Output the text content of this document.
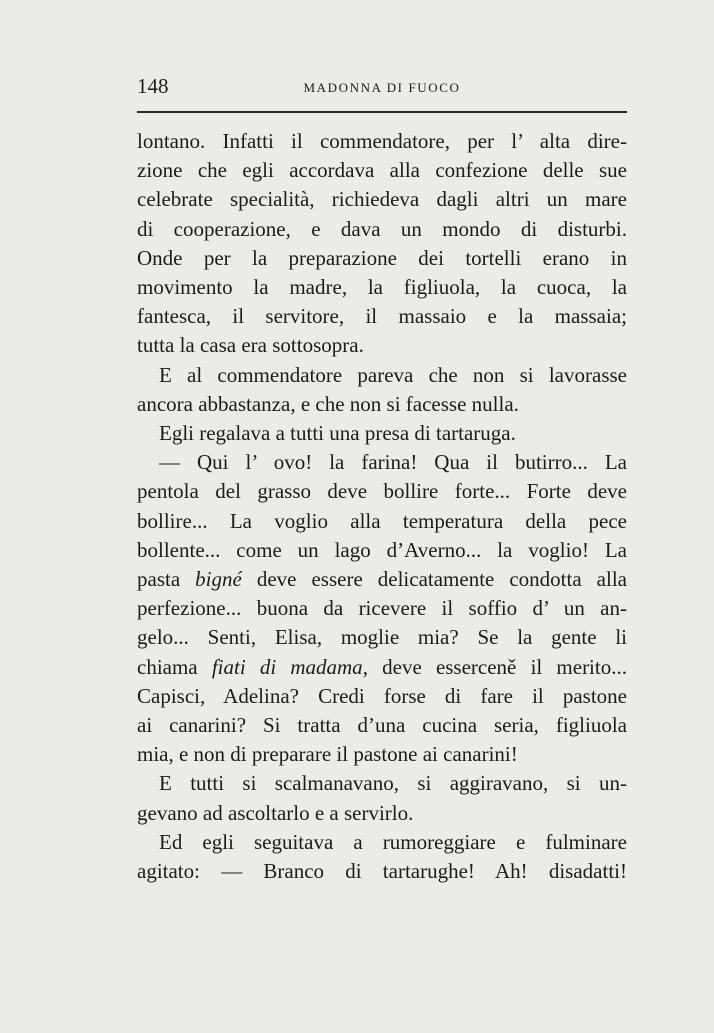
148	MADONNA DI FUOCO
lontano. Infatti il commendatore, per l’ alta dire-
zione che egli accordava alla confezione delle sue
celebrate specialità, richiedeva dagli altri un mare
di cooperazione, e dava un mondo di disturbi.
Onde per la preparazione dei tortelli erano in
movimento la madre, la figliuola, la cuoca, la
fantesca, il servitore, il massaio e la massaia;
tutta la casa era sottosopra.
E al commendatore pareva che non si lavorasse
ancora abbastanza, e che non si facesse nulla.
Egli regalava a tutti una presa di tartaruga.
— Qui l’ ovo! la farina! Qua il butirro... La
pentola del grasso deve bollire forte... Forte deve
bollire... La voglio alla temperatura della pece
bollente... come un lago d’Averno... la voglio! La
pasta bigné deve essere delicatamente condotta alla
perfezione... buona da ricevere il soffio d’ un an-
gelo... Senti, Elisa, moglie mia? Se la gente li
chiama fiati di madama, deve esserceně il merito...
Capisci, Adelina? Credi forse di fare il pastone
ai canarini? Si tratta d’una cucina seria, figliuola
mia, e non di preparare il pastone ai canarini!
E tutti si scalmanavano, si aggiravano, si un-
gevano ad ascoltarlo e a servirlo.
Ed egli seguitava a rumoreggiare e fulminare
agitato: — Branco di tartarughe! Ah! disadatti!
